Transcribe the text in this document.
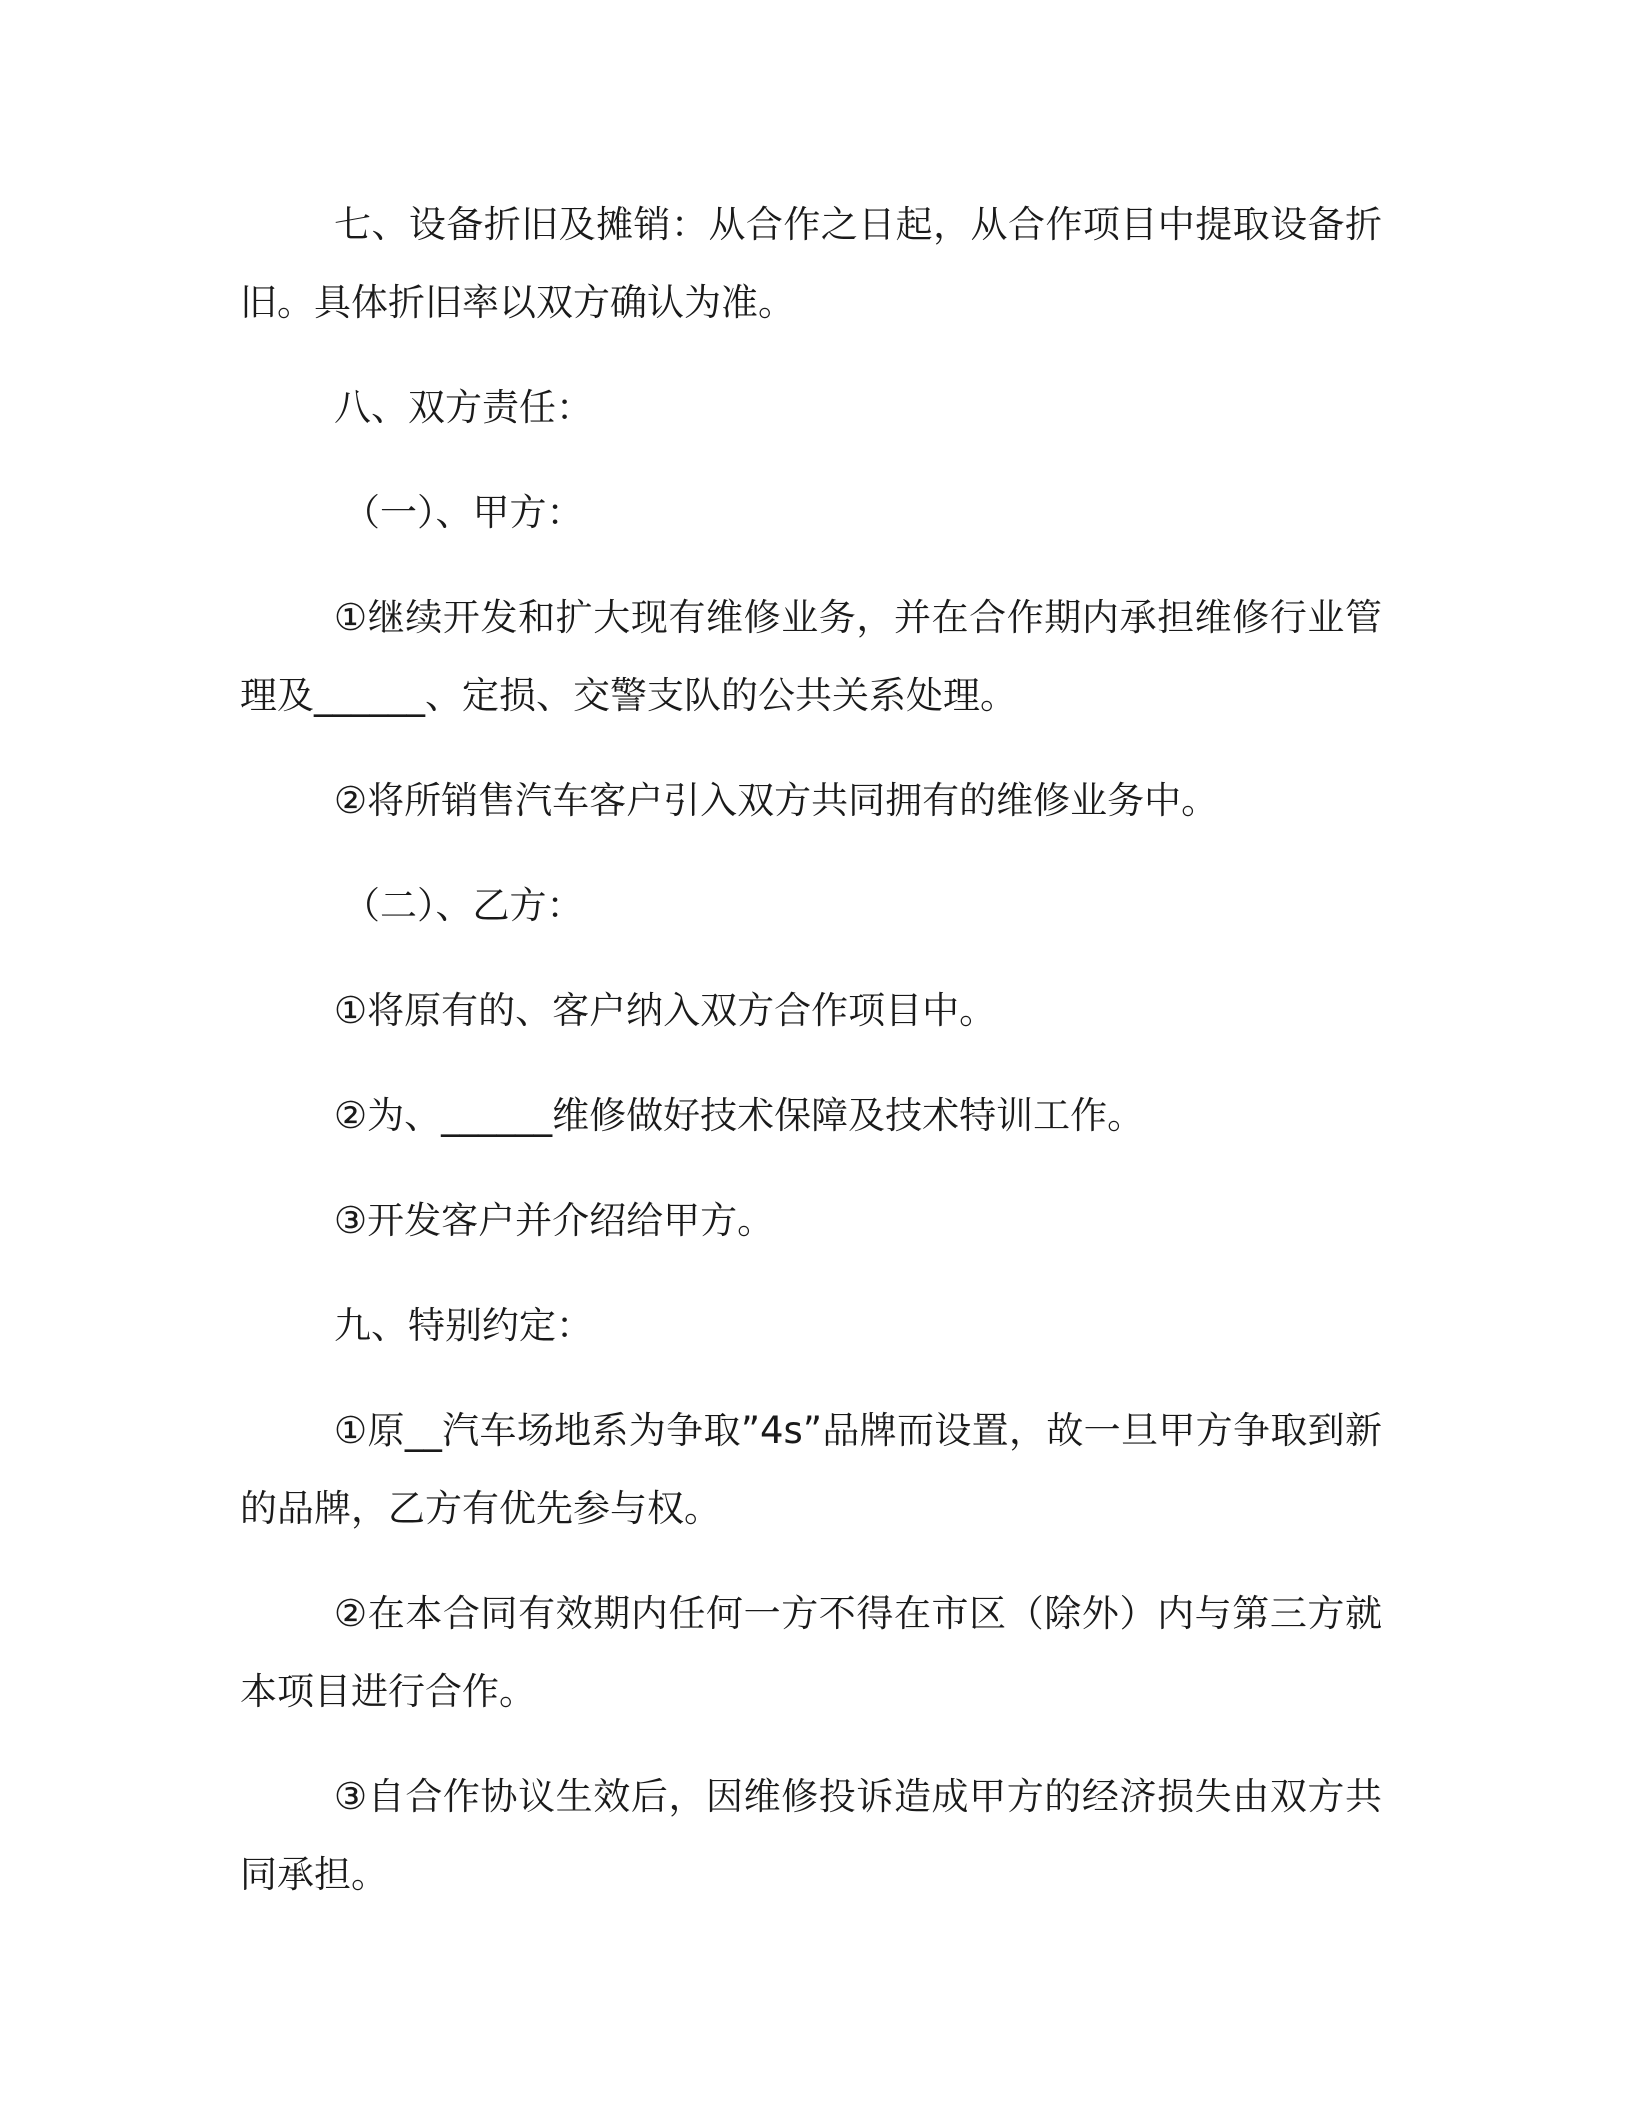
七、设备折旧及摊销：从合作之日起，从合作项目中提取设备折旧。具体折旧率以双方确认为准。

八、双方责任：

（一）、甲方：

①继续开发和扩大现有维修业务，并在合作期内承担维修行业管理及______、定损、交警支队的公共关系处理。

②将所销售汽车客户引入双方共同拥有的维修业务中。

（二）、乙方：

①将原有的、客户纳入双方合作项目中。

②为、______维修做好技术保障及技术特训工作。

③开发客户并介绍给甲方。

九、特别约定：

①原__汽车场地系为争取”4s”品牌而设置，故一旦甲方争取到新的品牌，乙方有优先参与权。

②在本合同有效期内任何一方不得在市区（除外）内与第三方就本项目进行合作。

③自合作协议生效后，因维修投诉造成甲方的经济损失由双方共同承担。
